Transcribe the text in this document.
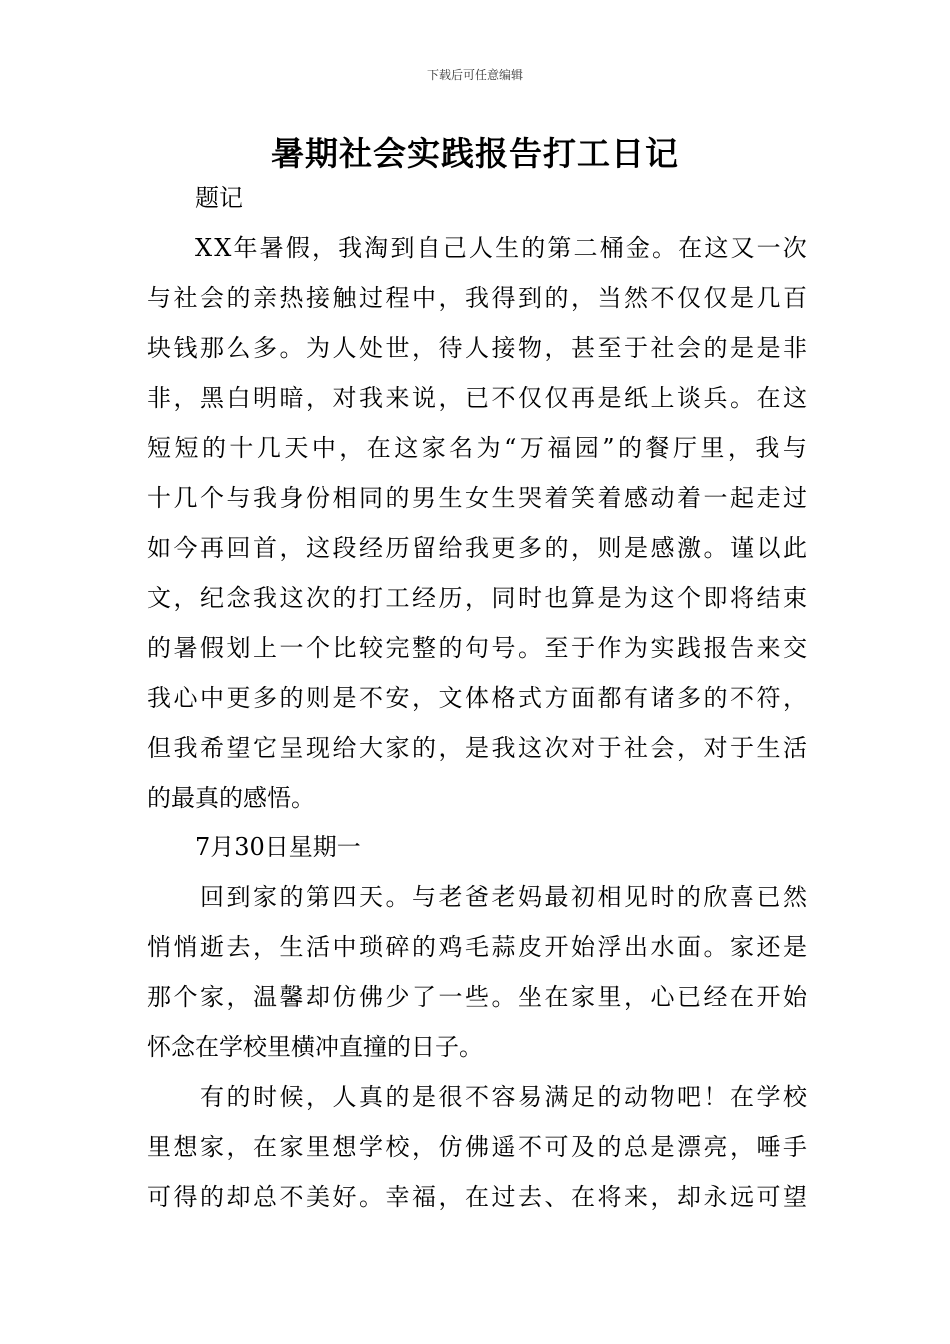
下载后可任意编辑
暑期社会实践报告打工日记
题记
X X 年 暑 假 ， 我 淘 到 自 己 人 生 的 第 二 桶 金 。 在 这 又 一 次
与 社 会 的 亲 热 接 触 过 程 中 ， 我 得 到 的 ， 当 然 不 仅 仅 是 几 百
块 钱 那 么 多 。 为 人 处 世 ， 待 人 接 物 ， 甚 至 于 社 会 的 是 是 非
非 ， 黑 白 明 暗 ， 对 我 来 说 ， 已 不 仅 仅 再 是 纸 上 谈 兵 。 在 这
短 短 的 十 几 天 中 ， 在 这 家 名 为 “ 万 福 园 ” 的 餐 厅 里 ， 我 与
十 几 个 与 我 身 份 相 同 的 男 生 女 生 哭 着 笑 着 感 动 着 一 起 走 过
如 今 再 回 首 ， 这 段 经 历 留 给 我 更 多 的 ， 则 是 感 激 。 谨 以 此
文 ， 纪 念 我 这 次 的 打 工 经 历 ， 同 时 也 算 是 为 这 个 即 将 结 束
的 暑 假 划 上 一 个 比 较 完 整 的 句 号 。 至 于 作 为 实 践 报 告 来 交
我 心 中 更 多 的 则 是 不 安 ， 文 体 格 式 方 面 都 有 诸 多 的 不 符 ，
但 我 希 望 它 呈 现 给 大 家 的 ， 是 我 这 次 对 于 社 会 ， 对 于 生 活
的最真的感悟。
7月30日星期一
回 到 家 的 第 四 天 。 与 老 爸 老 妈 最 初 相 见 时 的 欣 喜 已 然
悄 悄 逝 去 ， 生 活 中 琐 碎 的 鸡 毛 蒜 皮 开 始 浮 出 水 面 。 家 还 是
那 个 家 ， 温 馨 却 仿 佛 少 了 一 些 。 坐 在 家 里 ， 心 已 经 在 开 始
怀念在学校里横冲直撞的日子。
有 的 时 候 ， 人 真 的 是 很 不 容 易 满 足 的 动 物 吧 ！ 在 学 校
里 想 家 ， 在 家 里 想 学 校 ， 仿 佛 遥 不 可 及 的 总 是 漂 亮 ， 唾 手
可 得 的 却 总 不 美 好 。 幸 福 ， 在 过 去 、 在 将 来 ， 却 永 远 可 望
